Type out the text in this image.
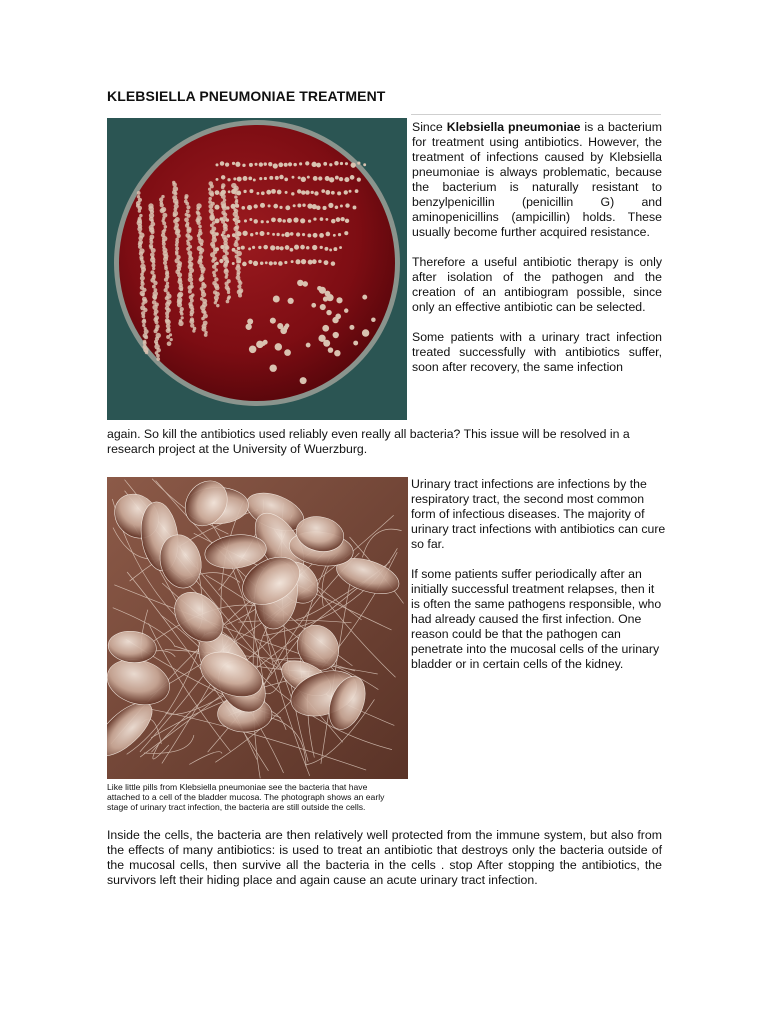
KLEBSIELLA PNEUMONIAE TREATMENT

Since Klebsiella pneumoniae is a bacterium for treatment using antibiotics. However, the treatment of infections caused by Klebsiella pneumoniae is always problematic, because the bacterium is naturally resistant to benzylpenicillin (penicillin G) and aminopenicillins (ampicillin) holds. These usually become further acquired resistance.

Therefore a useful antibiotic therapy is only after isolation of the pathogen and the creation of an antibiogram possible, since only an effective antibiotic can be selected.

Some patients with a urinary tract infection treated successfully with antibiotics suffer, soon after recovery, the same infection

again. So kill the antibiotics used reliably even really all bacteria? This issue will be resolved in a research project at the University of Wuerzburg.
Like little pills from Klebsiella pneumoniae see the bacteria that have attached to a cell of the bladder mucosa. The photograph shows an early stage of urinary tract infection, the bacteria are still outside the cells.

Urinary tract infections are infections by the respiratory tract, the second most common form of infectious diseases. The majority of urinary tract infections with antibiotics can cure so far.

If some patients suffer periodically after an initially successful treatment relapses, then it is often the same pathogens responsible, who had already caused the first infection. One reason could be that the pathogen can penetrate into the mucosal cells of the urinary bladder or in certain cells of the kidney.

Inside the cells, the bacteria are then relatively well protected from the immune system, but also from the effects of many antibiotics: is used to treat an antibiotic that destroys only the bacteria outside of the mucosal cells, then survive all the bacteria in the cells . stop After stopping the antibiotics, the survivors left their hiding place and again cause an acute urinary tract infection.
